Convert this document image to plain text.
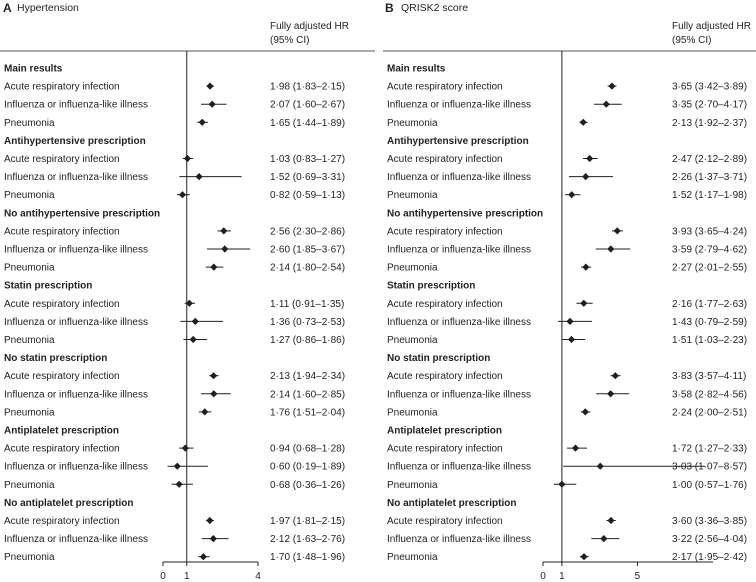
A Hypertension
Fully adjusted HR
(95% CI)
Main results
Acute respiratory infection	1·98 (1·83–2·15)
Influenza or influenza-like illness	2·07 (1·60–2·67)
Pneumonia	1·65 (1·44–1·89)
Antihypertensive prescription
Acute respiratory infection	1·03 (0·83–1·27)
Influenza or influenza-like illness	1·52 (0·69–3·31)
Pneumonia	0·82 (0·59–1·13)
No antihypertensive prescription
Acute respiratory infection	2·56 (2·30–2·86)
Influenza or influenza-like illness	2·60 (1·85–3·67)
Pneumonia	2·14 (1·80–2·54)
Statin prescription
Acute respiratory infection	1·11 (0·91–1·35)
Influenza or influenza-like illness	1·36 (0·73–2·53)
Pneumonia	1·27 (0·86–1·86)
No statin prescription
Acute respiratory infection	2·13 (1·94–2·34)
Influenza or influenza-like illness	2·14 (1·60–2·85)
Pneumonia	1·76 (1·51–2·04)
Antiplatelet prescription
Acute respiratory infection	0·94 (0·68–1·28)
Influenza or influenza-like illness	0·60 (0·19–1·89)
Pneumonia	0·68 (0·36–1·26)
No antiplatelet prescription
Acute respiratory infection	1·97 (1·81–2·15)
Influenza or influenza-like illness	2·12 (1·63–2·76)
Pneumonia	1·70 (1·48–1·96)
0 1	4
B QRISK2 score
Fully adjusted HR
(95% CI)
Main results
Acute respiratory infection	3·65 (3·42–3·89)
Influenza or influenza-like illness	3·35 (2·70–4·17)
Pneumonia	2·13 (1·92–2·37)
Antihypertensive prescription
Acute respiratory infection	2·47 (2·12–2·89)
Influenza or influenza-like illness	2·26 (1·37–3·71)
Pneumonia	1·52 (1·17–1·98)
No antihypertensive prescription
Acute respiratory infection	3·93 (3·65–4·24)
Influenza or influenza-like illness	3·59 (2·79–4·62)
Pneumonia	2·27 (2·01–2·55)
Statin prescription
Acute respiratory infection	2·16 (1·77–2·63)
Influenza or influenza-like illness	1·43 (0·79–2·59)
Pneumonia	1·51 (1·03–2·23)
No statin prescription
Acute respiratory infection	3·83 (3·57–4·11)
Influenza or influenza-like illness	3·58 (2·82–4·56)
Pneumonia	2·24 (2·00–2·51)
Antiplatelet prescription
Acute respiratory infection	1·72 (1·27–2·33)
Influenza or influenza-like illness	3·03 (1·07–8·57)
Pneumonia	1·00 (0·57–1·76)
No antiplatelet prescription
Acute respiratory infection	3·60 (3·36–3·85)
Influenza or influenza-like illness	3·22 (2·56–4·04)
Pneumonia	2·17 (1·95–2·42)
0 1	5
